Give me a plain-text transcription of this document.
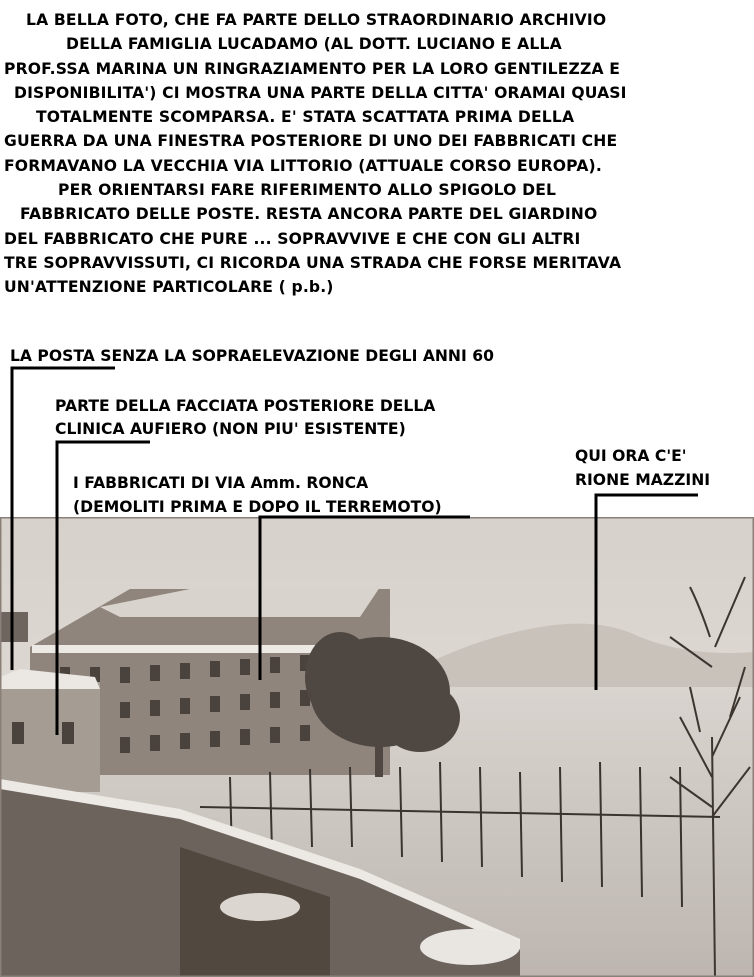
LA BELLA FOTO, CHE FA PARTE DELLO STRAORDINARIO ARCHIVIO
DELLA FAMIGLIA LUCADAMO (AL DOTT. LUCIANO E ALLA
PROF.SSA MARINA UN RINGRAZIAMENTO PER LA LORO GENTILEZZA E
DISPONIBILITA') CI MOSTRA UNA PARTE DELLA CITTA' ORAMAI QUASI
TOTALMENTE SCOMPARSA. E' STATA SCATTATA PRIMA DELLA
GUERRA DA UNA FINESTRA POSTERIORE DI UNO DEI FABBRICATI CHE
FORMAVANO LA VECCHIA VIA LITTORIO (ATTUALE CORSO EUROPA).
PER ORIENTARSI FARE RIFERIMENTO ALLO SPIGOLO DEL
FABBRICATO DELLE POSTE. RESTA ANCORA PARTE DEL GIARDINO
DEL FABBRICATO CHE PURE ... SOPRAVVIVE E CHE CON GLI ALTRI
TRE SOPRAVVISSUTI, CI RICORDA UNA STRADA CHE FORSE MERITAVA
UN'ATTENZIONE PARTICOLARE ( p.b.)
LA POSTA SENZA LA SOPRAELEVAZIONE DEGLI ANNI 60
PARTE DELLA FACCIATA POSTERIORE DELLA
CLINICA AUFIERO (NON PIU' ESISTENTE)
I FABBRICATI DI VIA Amm. RONCA
(DEMOLITI PRIMA E DOPO IL TERREMOTO)
QUI ORA C'E'
RIONE MAZZINI
